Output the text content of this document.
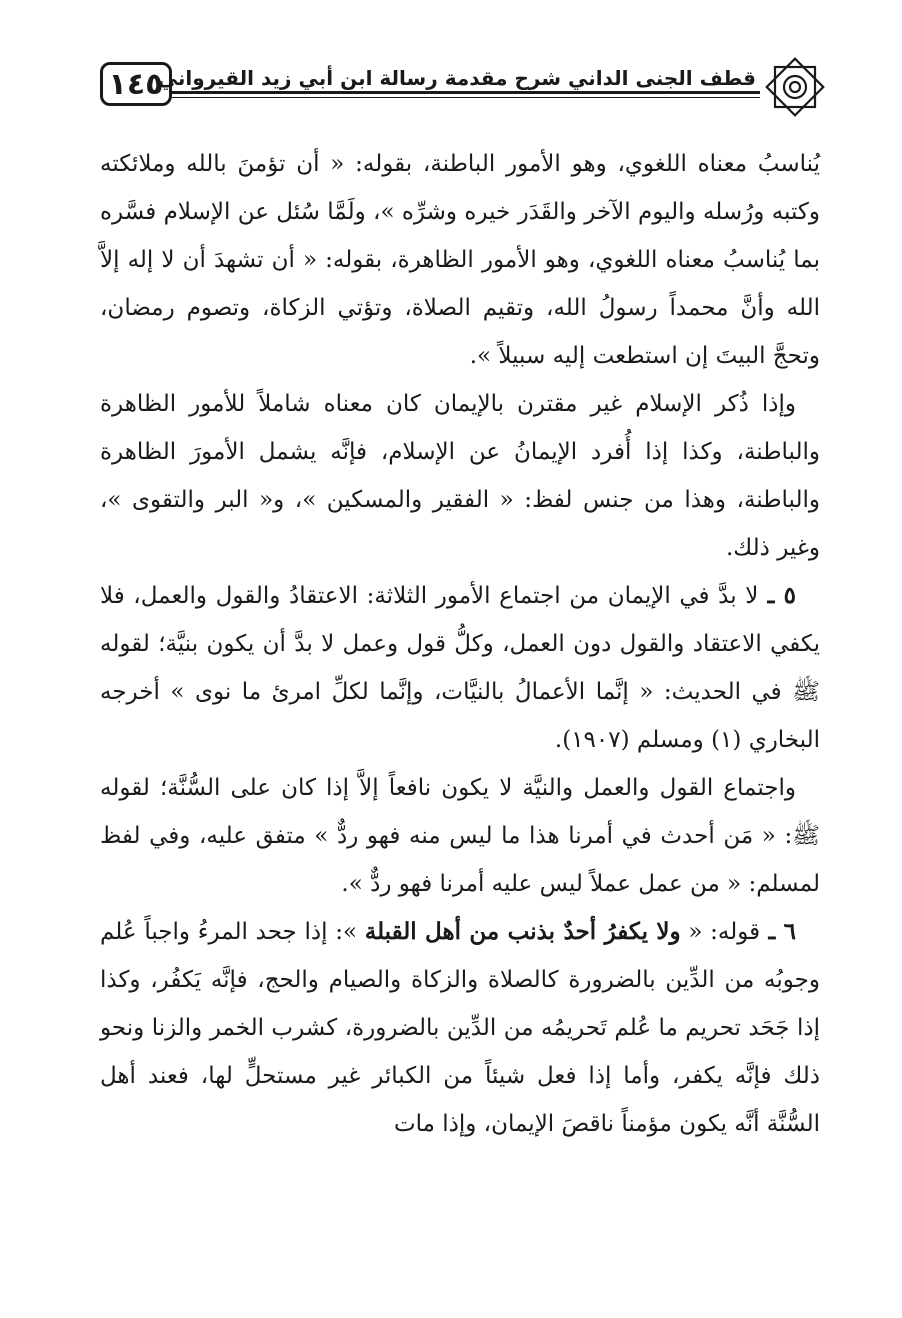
قطف الجنى الداني شرح مقدمة رسالة ابن أبي زيد القيرواني
١٤٥

يُناسبُ معناه اللغوي، وهو الأمور الباطنة، بقوله: « أن تؤمنَ بالله وملائكته وكتبه ورُسله واليوم الآخر والقَدَر خيره وشرِّه »، ولَمَّا سُئل عن الإسلام فسَّره بما يُناسبُ معناه اللغوي، وهو الأمور الظاهرة، بقوله: « أن تشهدَ أن لا إله إلاَّ الله وأنَّ محمداً رسولُ الله، وتقيم الصلاة، وتؤتي الزكاة، وتصوم رمضان، وتحجَّ البيتَ إن استطعت إليه سبيلاً ».

وإذا ذُكر الإسلام غير مقترن بالإيمان كان معناه شاملاً للأمور الظاهرة والباطنة، وكذا إذا أُفرد الإيمانُ عن الإسلام، فإنَّه يشمل الأمورَ الظاهرة والباطنة، وهذا من جنس لفظ: « الفقير والمسكين »، و« البر والتقوى »، وغير ذلك.

٥ ـ لا بدَّ في الإيمان من اجتماع الأمور الثلاثة: الاعتقادُ والقول والعمل، فلا يكفي الاعتقاد والقول دون العمل، وكلُّ قول وعمل لا بدَّ أن يكون بنيَّة؛ لقوله ﷺ في الحديث: « إنَّما الأعمالُ بالنيَّات، وإنَّما لكلِّ امرئ ما نوى » أخرجه البخاري (١) ومسلم (١٩٠٧).

واجتماع القول والعمل والنيَّة لا يكون نافعاً إلاَّ إذا كان على السُّنَّة؛ لقوله ﷺ: « مَن أحدث في أمرنا هذا ما ليس منه فهو ردٌّ » متفق عليه، وفي لفظ لمسلم: « من عمل عملاً ليس عليه أمرنا فهو ردٌّ ».

٦ ـ قوله: « ولا يكفرُ أحدٌ بذنب من أهل القبلة »: إذا جحد المرءُ واجباً عُلم وجوبُه من الدِّين بالضرورة كالصلاة والزكاة والصيام والحج، فإنَّه يَكفُر، وكذا إذا جَحَد تحريم ما عُلم تَحريمُه من الدِّين بالضرورة، كشرب الخمر والزنا ونحو ذلك فإنَّه يكفر، وأما إذا فعل شيئاً من الكبائر غير مستحلٍّ لها، فعند أهل السُّنَّة أنَّه يكون مؤمناً ناقصَ الإيمان، وإذا مات
